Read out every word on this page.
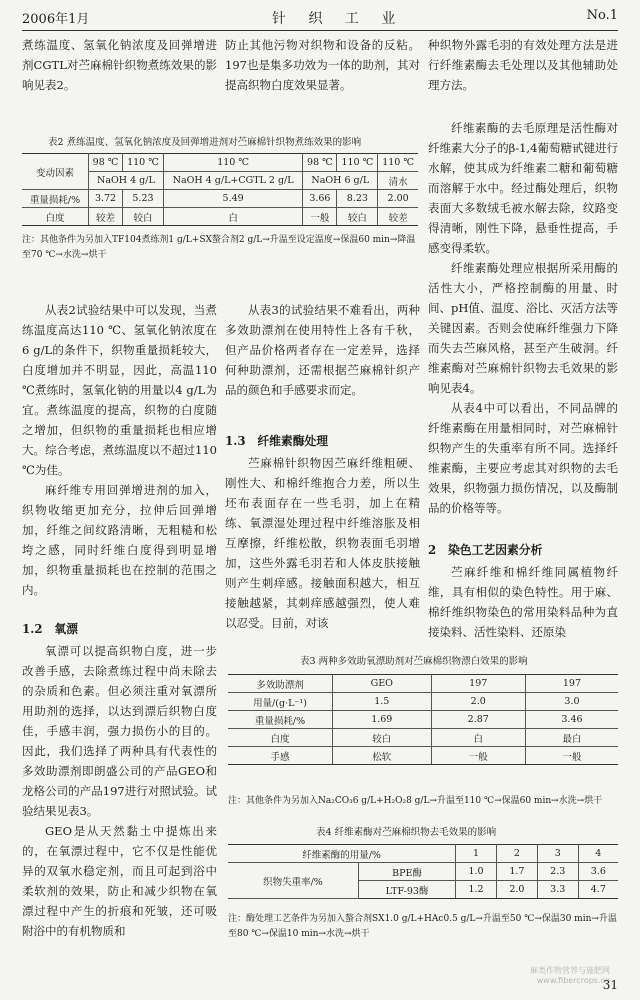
2006年1月	针 织 工 业	No.1

煮练温度、氢氧化钠浓度及回弹增进剂CGTL对苎麻棉针织物煮练效果的影响见表2。

防止其他污物对织物和设备的反粘。197也是集多功效为一体的助剂，其对提高织物白度效果显著。

种织物外露毛羽的有效处理方法是进行纤维素酶去毛处理以及其他辅助处理方法。

表2 煮练温度、氢氧化钠浓度及回弹增进剂对苎麻棉针织物煮练效果的影响
变动因素	98 ℃	110 ℃	110 ℃	98 ℃	110 ℃	110 ℃
	NaOH 4 g/L		NaOH 4 g/L+CGTL 2 g/L	NaOH 6 g/L		清水
重量损耗/%	3.72	5.23	5.49	3.66	8.23	2.00
白度	较差	较白	白	一般	较白	较差
注：其他条件为另加入TF104煮练剂1 g/L+SX螯合剂2 g/L→升温至设定温度→保温60 min→降温至70 ℃→水洗→烘干

从表2试验结果中可以发现，当煮练温度高达110 ℃、氢氧化钠浓度在6 g/L的条件下，织物重量损耗较大，白度增加并不明显，因此，高温110 ℃煮练时，氢氧化钠的用量以4 g/L为宜。煮练温度的提高，织物的白度随之增加，但织物的重量损耗也相应增大。综合考虑，煮练温度以不超过110 ℃为佳。

麻纤维专用回弹增进剂的加入，织物收缩更加充分，拉伸后回弹增加，纤维之间纹路清晰，无粗糙和松垮之感，同时纤维白度得到明显增加，织物重量损耗也在控制的范围之内。

1.2　氧漂

氧漂可以提高织物白度，进一步改善手感，去除煮练过程中尚未除去的杂质和色素。但必须注重对氧漂所用助剂的选择，以达到漂后织物白度佳，手感丰润，强力损伤小的目的。因此，我们选择了两种具有代表性的多效助漂剂即朗盛公司的产品GEO和龙格公司的产品197进行对照试验。试验结果见表3。

GEO是从天然黏土中提炼出来的，在氧漂过程中，它不仅是性能优异的双氧水稳定剂，而且可起到浴中柔软剂的效果，防止和减少织物在氧漂过程中产生的折痕和死皱，还可吸附浴中的有机物质和

从表3的试验结果不难看出，两种多效助漂剂在使用特性上各有千秋，但产品价格两者存在一定差异，选择何种助漂剂，还需根据苎麻棉针织产品的颜色和手感要求而定。

1.3　纤维素酶处理

苎麻棉针织物因苎麻纤维粗硬、刚性大、和棉纤维抱合力差，所以生坯布表面存在一些毛羽，加上在精练、氧漂湿处理过程中纤维溶胀及相互摩擦，纤维松散，织物表面毛羽增加，这些外露毛羽若和人体皮肤接触则产生刺痒感。接触面积越大，相互接触越紧，其刺痒感越强烈，使人难以忍受。目前，对该

纤维素酶的去毛原理是活性酶对纤维素大分子的β-1,4葡萄糖甙键进行水解，使其成为纤维素二糖和葡萄糖而溶解于水中。经过酶处理后，织物表面大多数绒毛被水解去除，纹路变得清晰，刚性下降，悬垂性提高，手感变得柔软。

纤维素酶处理应根据所采用酶的活性大小，严格控制酶的用量、时间、pH值、温度、浴比、灭活方法等关键因素。否则会使麻纤维强力下降而失去苎麻风格，甚至产生破洞。纤维素酶对苎麻棉针织物去毛效果的影响见表4。

从表4中可以看出，不同品牌的纤维素酶在用量相同时，对苎麻棉针织物产生的失重率有所不同。选择纤维素酶，主要应考虑其对织物的去毛效果，织物强力损伤情况，以及酶制品的价格等等。

2　染色工艺因素分析

苎麻纤维和棉纤维同属植物纤维，具有相似的染色特性。用于麻、棉纤维织物染色的常用染料品种为直接染料、活性染料、还原染

表3 两种多效助氧漂助剂对苎麻棉织物漂白效果的影响
多效助漂剂	GEO	197	197
用量/(g·L⁻¹)	1.5	2.0	3.0
重量损耗/%	1.69	2.87	3.46
白度	较白	白	最白
手感	松软	一般	一般
注：其他条件为另加入Na₂CO₃6 g/L+H₂O₂8 g/L→升温至110 ℃→保温60 min→水洗→烘干
表4 纤维素酶对苎麻棉织物去毛效果的影响
纤维素酶的用量/%		1	2	3	4
织物失重率/%	BPE酶	1.0	1.7	2.3	3.6
	LTF-93酶	1.2	2.0	3.3	4.7
注：酶处理工艺条件为另加入螯合剂SX1.0 g/L+HAc0.5 g/L→升温至50 ℃→保温30 min→升温至80 ℃→保温10 min→水洗→烘干
麻类作物营养与施肥网
www.fibercrops.cn
31
